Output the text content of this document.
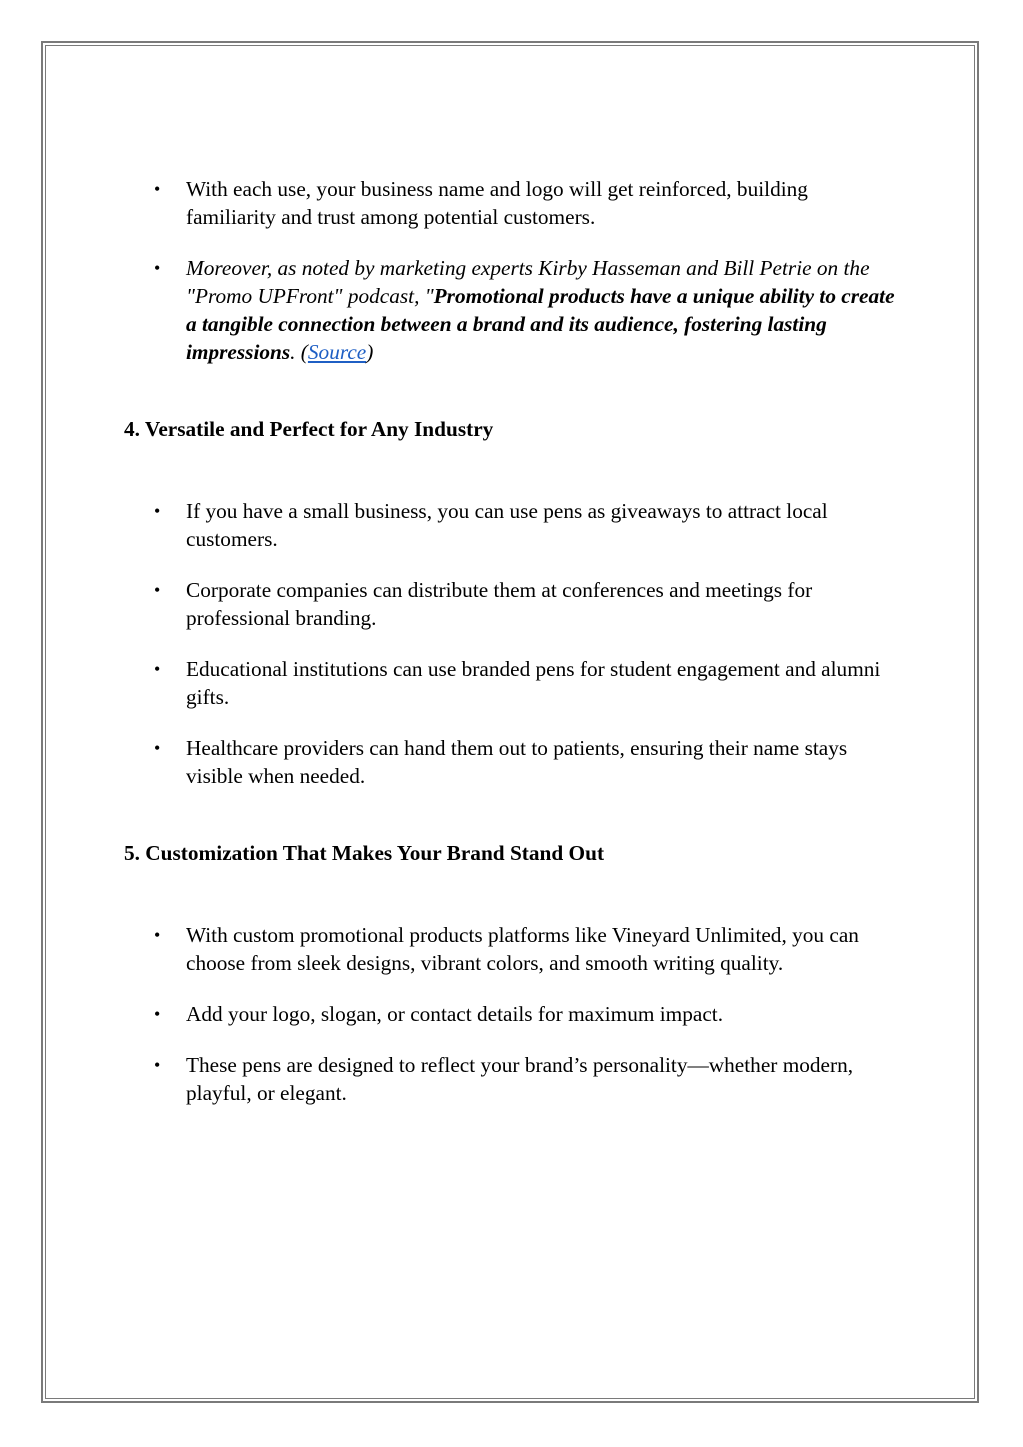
• With each use, your business name and logo will get reinforced, building familiarity and trust among potential customers.
• Moreover, as noted by marketing experts Kirby Hasseman and Bill Petrie on the "Promo UPFront" podcast, "Promotional products have a unique ability to create a tangible connection between a brand and its audience, fostering lasting impressions. (Source)
4. Versatile and Perfect for Any Industry
• If you have a small business, you can use pens as giveaways to attract local customers.
• Corporate companies can distribute them at conferences and meetings for professional branding.
• Educational institutions can use branded pens for student engagement and alumni gifts.
• Healthcare providers can hand them out to patients, ensuring their name stays visible when needed.
5. Customization That Makes Your Brand Stand Out
• With custom promotional products platforms like Vineyard Unlimited, you can choose from sleek designs, vibrant colors, and smooth writing quality.
• Add your logo, slogan, or contact details for maximum impact.
• These pens are designed to reflect your brand’s personality—whether modern, playful, or elegant.
